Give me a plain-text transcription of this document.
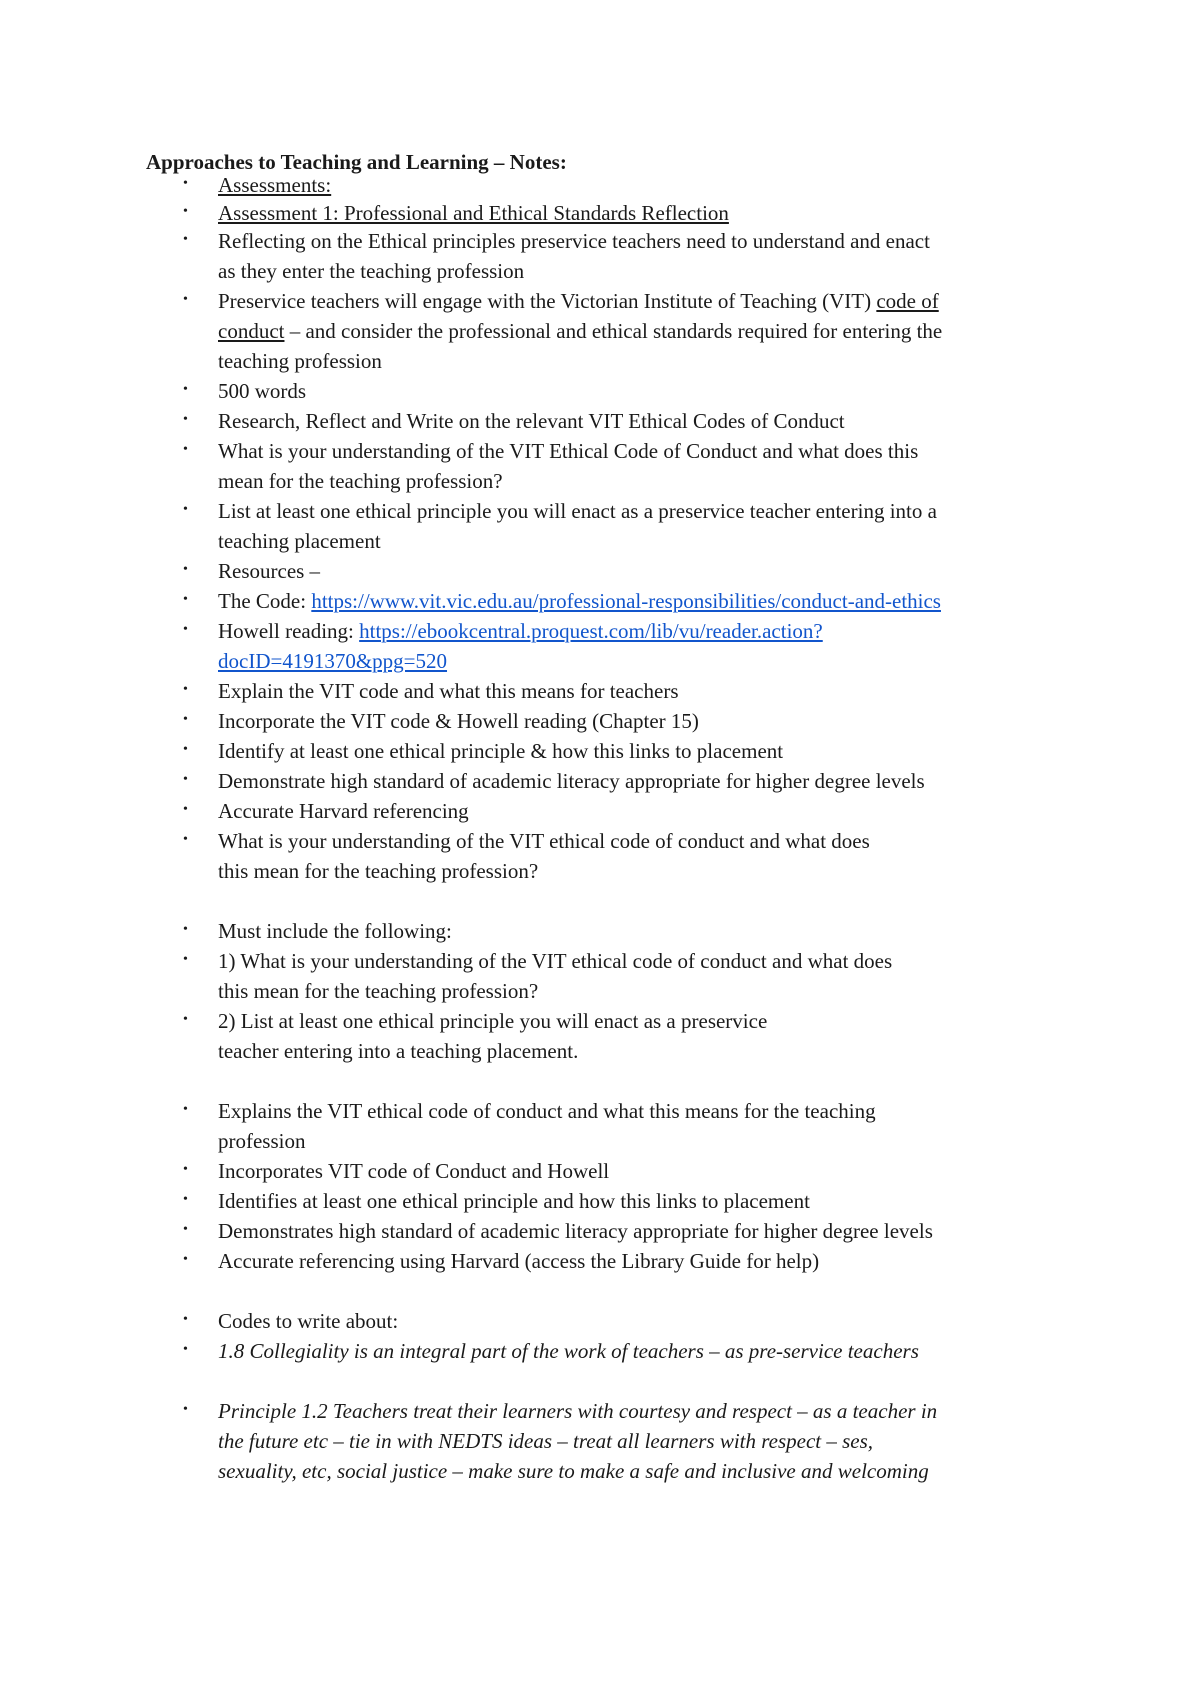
Approaches to Teaching and Learning – Notes:
• Assessments:
• Assessment 1: Professional and Ethical Standards Reflection
• Reflecting on the Ethical principles preservice teachers need to understand and enact
as they enter the teaching profession
• Preservice teachers will engage with the Victorian Institute of Teaching (VIT) code of
conduct – and consider the professional and ethical standards required for entering the
teaching profession
• 500 words
• Research, Reflect and Write on the relevant VIT Ethical Codes of Conduct
• What is your understanding of the VIT Ethical Code of Conduct and what does this
mean for the teaching profession?
• List at least one ethical principle you will enact as a preservice teacher entering into a
teaching placement
• Resources –
• The Code: https://www.vit.vic.edu.au/professional-responsibilities/conduct-and-ethics
• Howell reading: https://ebookcentral.proquest.com/lib/vu/reader.action?
docID=4191370&ppg=520
• Explain the VIT code and what this means for teachers
• Incorporate the VIT code & Howell reading (Chapter 15)
• Identify at least one ethical principle & how this links to placement
• Demonstrate high standard of academic literacy appropriate for higher degree levels
• Accurate Harvard referencing
• What is your understanding of the VIT ethical code of conduct and what does
this mean for the teaching profession?
• Must include the following:
• 1) What is your understanding of the VIT ethical code of conduct and what does
this mean for the teaching profession?
• 2) List at least one ethical principle you will enact as a preservice
teacher entering into a teaching placement.
• Explains the VIT ethical code of conduct and what this means for the teaching
profession
• Incorporates VIT code of Conduct and Howell
• Identifies at least one ethical principle and how this links to placement
• Demonstrates high standard of academic literacy appropriate for higher degree levels
• Accurate referencing using Harvard (access the Library Guide for help)
• Codes to write about:
• 1.8 Collegiality is an integral part of the work of teachers – as pre-service teachers
• Principle 1.2 Teachers treat their learners with courtesy and respect – as a teacher in
the future etc – tie in with NEDTS ideas – treat all learners with respect – ses,
sexuality, etc, social justice – make sure to make a safe and inclusive and welcoming
